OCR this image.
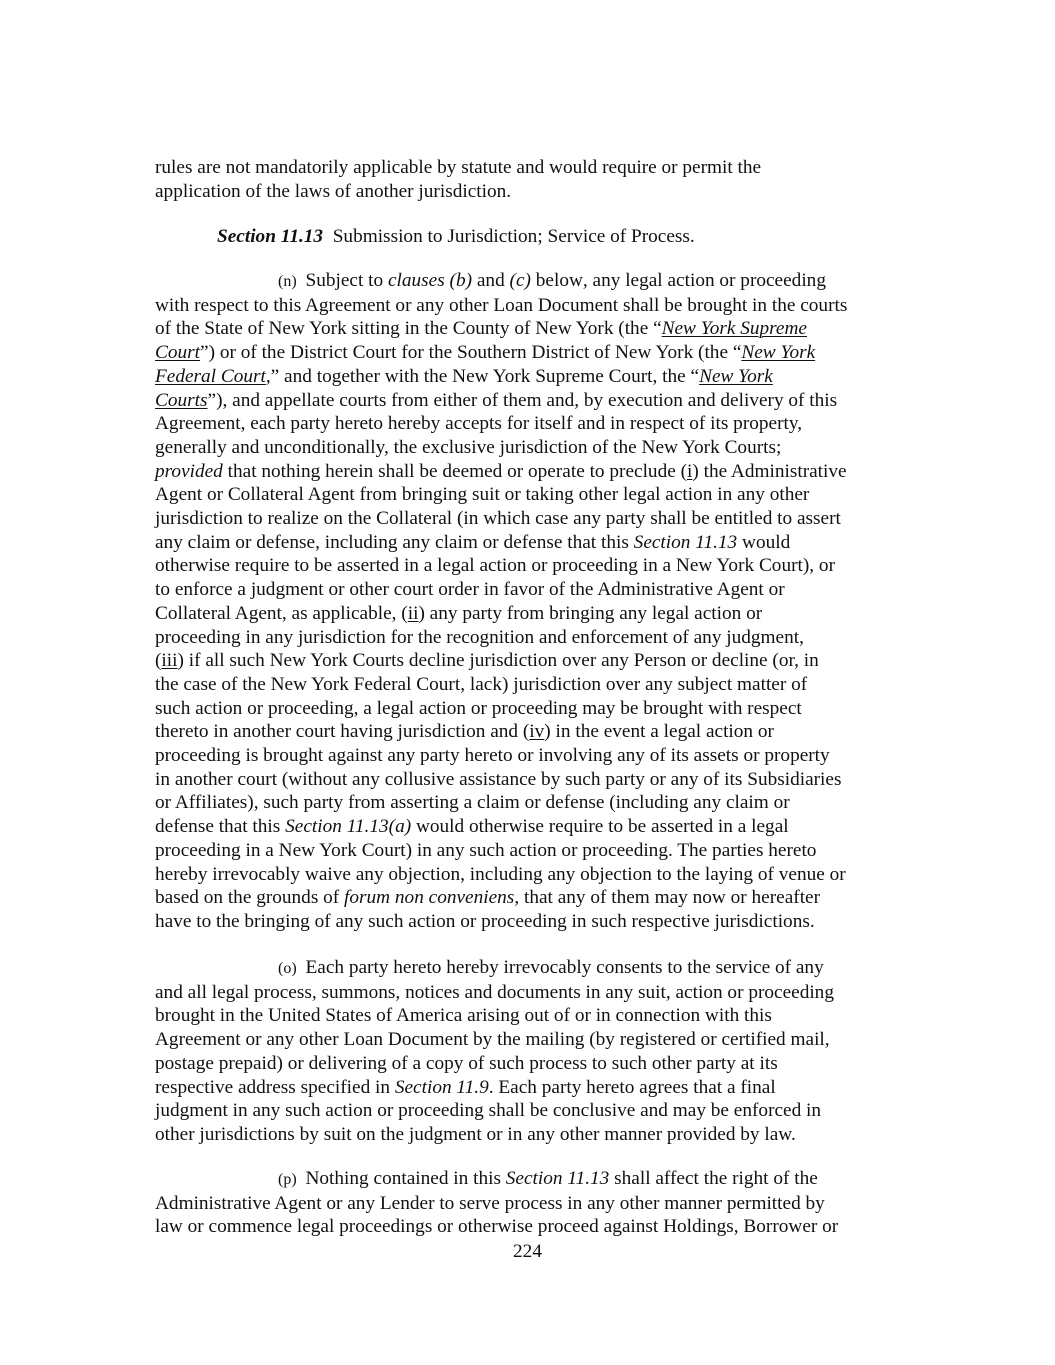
rules are not mandatorily applicable by statute and would require or permit the
application of the laws of another jurisdiction.
Section 11.13 Submission to Jurisdiction; Service of Process.
(n) Subject to clauses (b) and (c) below, any legal action or proceeding
with respect to this Agreement or any other Loan Document shall be brought in the courts
of the State of New York sitting in the County of New York (the “New York Supreme
Court”) or of the District Court for the Southern District of New York (the “New York
Federal Court,” and together with the New York Supreme Court, the “New York
Courts”), and appellate courts from either of them and, by execution and delivery of this
Agreement, each party hereto hereby accepts for itself and in respect of its property,
generally and unconditionally, the exclusive jurisdiction of the New York Courts;
provided that nothing herein shall be deemed or operate to preclude (i) the Administrative
Agent or Collateral Agent from bringing suit or taking other legal action in any other
jurisdiction to realize on the Collateral (in which case any party shall be entitled to assert
any claim or defense, including any claim or defense that this Section 11.13 would
otherwise require to be asserted in a legal action or proceeding in a New York Court), or
to enforce a judgment or other court order in favor of the Administrative Agent or
Collateral Agent, as applicable, (ii) any party from bringing any legal action or
proceeding in any jurisdiction for the recognition and enforcement of any judgment,
(iii) if all such New York Courts decline jurisdiction over any Person or decline (or, in
the case of the New York Federal Court, lack) jurisdiction over any subject matter of
such action or proceeding, a legal action or proceeding may be brought with respect
thereto in another court having jurisdiction and (iv) in the event a legal action or
proceeding is brought against any party hereto or involving any of its assets or property
in another court (without any collusive assistance by such party or any of its Subsidiaries
or Affiliates), such party from asserting a claim or defense (including any claim or
defense that this Section 11.13(a) would otherwise require to be asserted in a legal
proceeding in a New York Court) in any such action or proceeding. The parties hereto
hereby irrevocably waive any objection, including any objection to the laying of venue or
based on the grounds of forum non conveniens, that any of them may now or hereafter
have to the bringing of any such action or proceeding in such respective jurisdictions.
(o) Each party hereto hereby irrevocably consents to the service of any
and all legal process, summons, notices and documents in any suit, action or proceeding
brought in the United States of America arising out of or in connection with this
Agreement or any other Loan Document by the mailing (by registered or certified mail,
postage prepaid) or delivering of a copy of such process to such other party at its
respective address specified in Section 11.9. Each party hereto agrees that a final
judgment in any such action or proceeding shall be conclusive and may be enforced in
other jurisdictions by suit on the judgment or in any other manner provided by law.
(p) Nothing contained in this Section 11.13 shall affect the right of the
Administrative Agent or any Lender to serve process in any other manner permitted by
law or commence legal proceedings or otherwise proceed against Holdings, Borrower or
224
